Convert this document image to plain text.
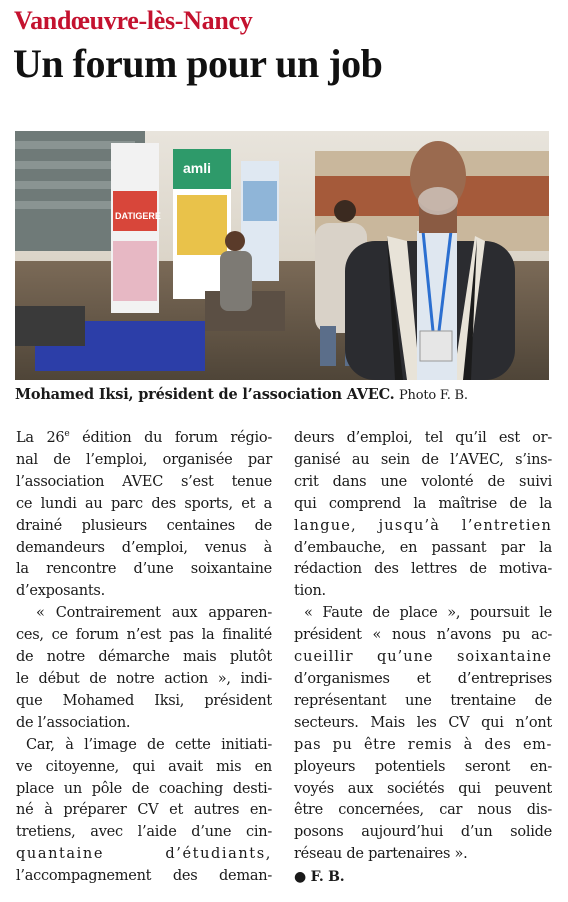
Vandœuvre-lès-Nancy
Un forum pour un job
DATIGERE
amli
Mohamed Iksi, président de l’association AVEC. Photo F. B.
La 26e édition du forum régio-
nal de l’emploi, organisée par
l’association AVEC s’est tenue
ce lundi au parc des sports, et a
drainé plusieurs centaines de
demandeurs d’emploi, venus à
la rencontre d’une soixantaine
d’exposants.
« Contrairement aux apparen-
ces, ce forum n’est pas la finalité
de notre démarche mais plutôt
le début de notre action », indi-
que Mohamed Iksi, président
de l’association.
Car, à l’image de cette initiati-
ve citoyenne, qui avait mis en
place un pôle de coaching desti-
né à préparer CV et autres en-
tretiens, avec l’aide d’une cin-
quantaine d’étudiants,
l’accompagnement des deman-
deurs d’emploi, tel qu’il est or-
ganisé au sein de l’AVEC, s’ins-
crit dans une volonté de suivi
qui comprend la maîtrise de la
langue, jusqu’à l’entretien
d’embauche, en passant par la
rédaction des lettres de motiva-
tion.
« Faute de place », poursuit le
président « nous n’avons pu ac-
cueillir qu’une soixantaine
d’organismes et d’entreprises
représentant une trentaine de
secteurs. Mais les CV qui n’ont
pas pu être remis à des em-
ployeurs potentiels seront en-
voyés aux sociétés qui peuvent
être concernées, car nous dis-
posons aujourd’hui d’un solide
réseau de partenaires ».
● F. B.
